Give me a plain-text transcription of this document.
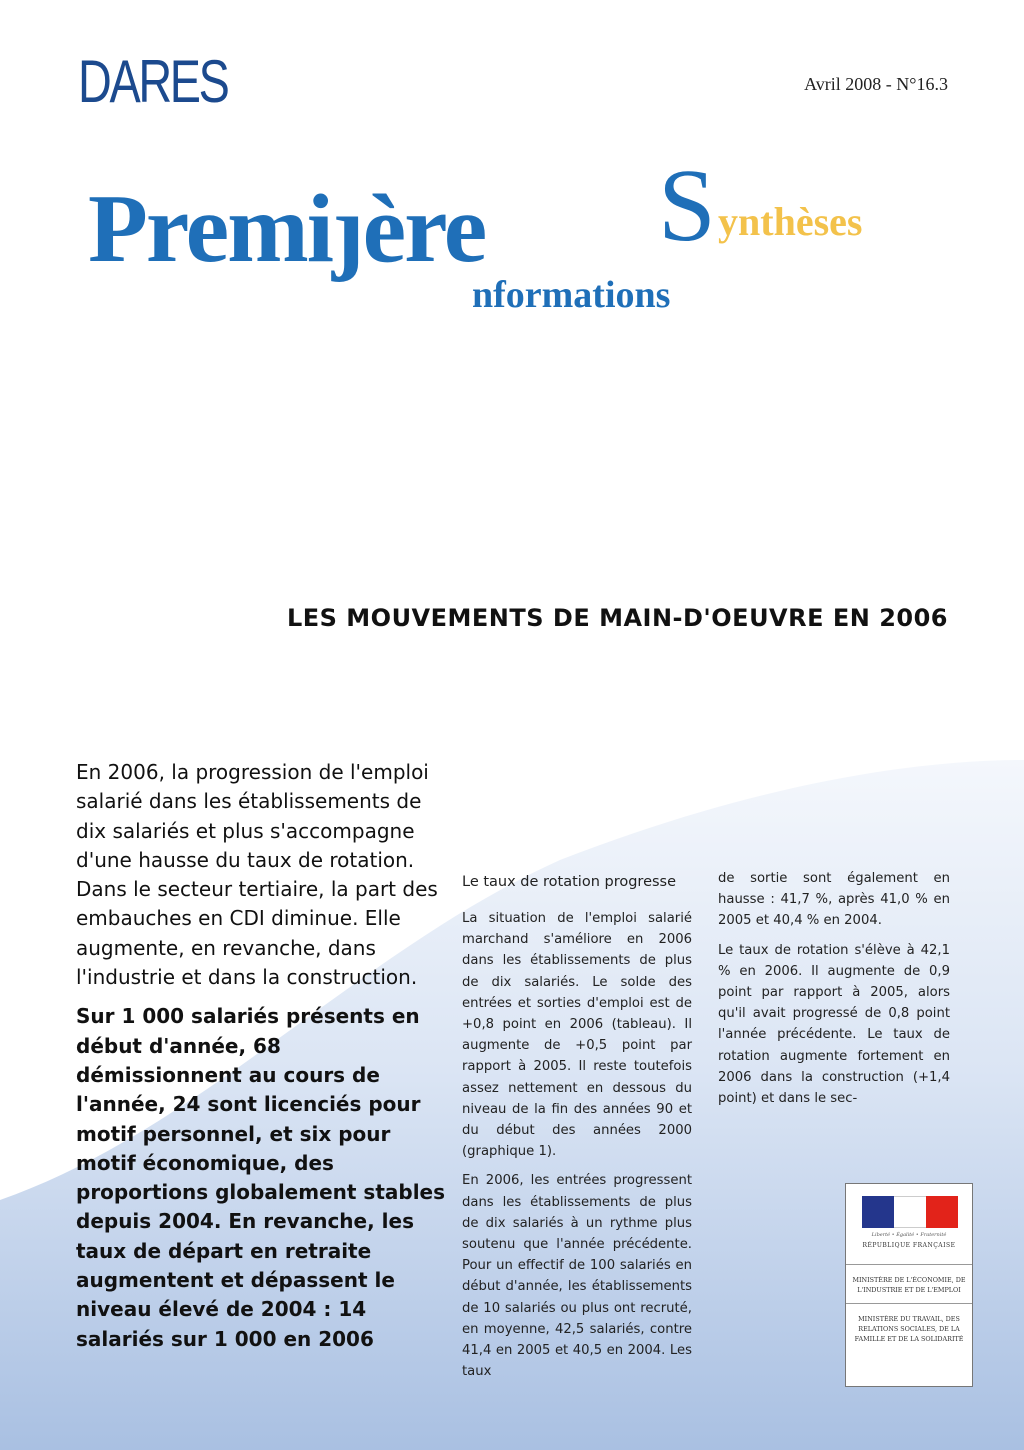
DARES	Avril 2008 - N°16.3
Premiȷère S ynthèses
nformations
LES MOUVEMENTS DE MAIN-D'OEUVRE EN 2006

En 2006, la progression de l'emploi salarié dans les établissements de dix salariés et plus s'accompagne d'une hausse du taux de rotation. Dans le secteur tertiaire, la part des embauches en CDI diminue. Elle augmente, en revanche, dans l'industrie et dans la construction.

Sur 1 000 salariés présents en début d'année, 68 démissionnent au cours de l'année, 24 sont licenciés pour motif personnel, et six pour motif économique, des proportions globalement stables depuis 2004. En revanche, les taux de départ en retraite augmentent et dépassent le niveau élevé de 2004 : 14 salariés sur 1 000 en 2006

Le taux de rotation progresse

La situation de l'emploi salarié marchand s'améliore en 2006 dans les établissements de plus de dix salariés. Le solde des entrées et sorties d'emploi est de +0,8 point en 2006 (tableau). Il augmente de +0,5 point par rapport à 2005. Il reste toutefois assez nettement en dessous du niveau de la fin des années 90 et du début des années 2000 (graphique 1).

En 2006, les entrées progressent dans les établissements de plus de dix salariés à un rythme plus soutenu que l'année précédente. Pour un effectif de 100 salariés en début d'année, les établissements de 10 salariés ou plus ont recruté, en moyenne, 42,5 salariés, contre 41,4 en 2005 et 40,5 en 2004. Les taux

de sortie sont également en hausse : 41,7 %, après 41,0 % en 2005 et 40,4 % en 2004.

Le taux de rotation s'élève à 42,1 % en 2006. Il augmente de 0,9 point par rapport à 2005, alors qu'il avait progressé de 0,8 point l'année précédente. Le taux de rotation augmente fortement en 2006 dans la construction (+1,4 point) et dans le sec-

Liberté • Égalité • Fraternité
RÉPUBLIQUE FRANÇAISE
MINISTÈRE DE L'ÉCONOMIE, DE L'INDUSTRIE ET DE L'EMPLOI
MINISTÈRE DU TRAVAIL, DES RELATIONS SOCIALES, DE LA FAMILLE ET DE LA SOLIDARITÉ
